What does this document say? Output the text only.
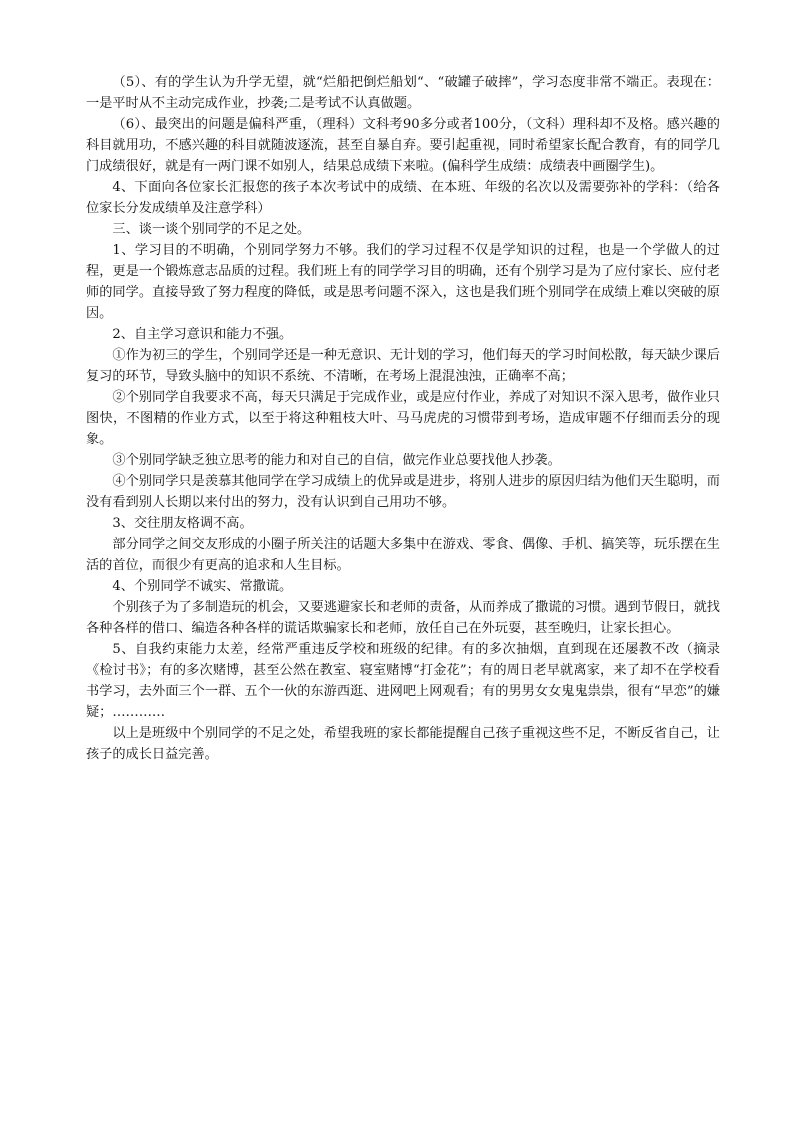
（5）、有的学生认为升学无望，就“烂船把倒烂船划“、“破罐子破摔”，学习态度非常不端正。表现在：一是平时从不主动完成作业，抄袭;二是考试不认真做题。

（6）、最突出的问题是偏科严重，（理科）文科考90多分或者100分，（文科）理科却不及格。感兴趣的科目就用功，不感兴趣的科目就随波逐流，甚至自暴自弃。要引起重视，同时希望家长配合教育，有的同学几门成绩很好，就是有一两门课不如别人，结果总成绩下来啦。(偏科学生成绩：成绩表中画圈学生)。

4、下面向各位家长汇报您的孩子本次考试中的成绩、在本班、年级的名次以及需要弥补的学科：（给各位家长分发成绩单及注意学科）

三、谈一谈个别同学的不足之处。

1、学习目的不明确，个别同学努力不够。我们的学习过程不仅是学知识的过程，也是一个学做人的过程，更是一个锻炼意志品质的过程。我们班上有的同学学习目的明确，还有个别学习是为了应付家长、应付老师的同学。直接导致了努力程度的降低，或是思考问题不深入，这也是我们班个别同学在成绩上难以突破的原因。

2、自主学习意识和能力不强。

①作为初三的学生，个别同学还是一种无意识、无计划的学习，他们每天的学习时间松散，每天缺少课后复习的环节，导致头脑中的知识不系统、不清晰，在考场上混混浊浊，正确率不高；

②个别同学自我要求不高，每天只满足于完成作业，或是应付作业，养成了对知识不深入思考，做作业只图快，不图精的作业方式，以至于将这种粗枝大叶、马马虎虎的习惯带到考场，造成审题不仔细而丢分的现象。

③个别同学缺乏独立思考的能力和对自己的自信，做完作业总要找他人抄袭。

④个别同学只是羡慕其他同学在学习成绩上的优异或是进步，将别人进步的原因归结为他们天生聪明，而没有看到别人长期以来付出的努力，没有认识到自己用功不够。

3、交往朋友格调不高。

部分同学之间交友形成的小圈子所关注的话题大多集中在游戏、零食、偶像、手机、搞笑等，玩乐摆在生活的首位，而很少有更高的追求和人生目标。

4、个别同学不诚实、常撒谎。

个别孩子为了多制造玩的机会，又要逃避家长和老师的责备，从而养成了撒谎的习惯。遇到节假日，就找各种各样的借口、编造各种各样的谎话欺骗家长和老师，放任自己在外玩耍，甚至晚归，让家长担心。

5、自我约束能力太差，经常严重违反学校和班级的纪律。有的多次抽烟，直到现在还屡教不改（摘录《检讨书》；有的多次赌博，甚至公然在教室、寝室赌博“打金花”；有的周日老早就离家，来了却不在学校看书学习，去外面三个一群、五个一伙的东游西逛、进网吧上网观看；有的男男女女鬼鬼祟祟，很有“早恋”的嫌疑；…………

以上是班级中个别同学的不足之处，希望我班的家长都能提醒自己孩子重视这些不足，不断反省自己，让孩子的成长日益完善。
